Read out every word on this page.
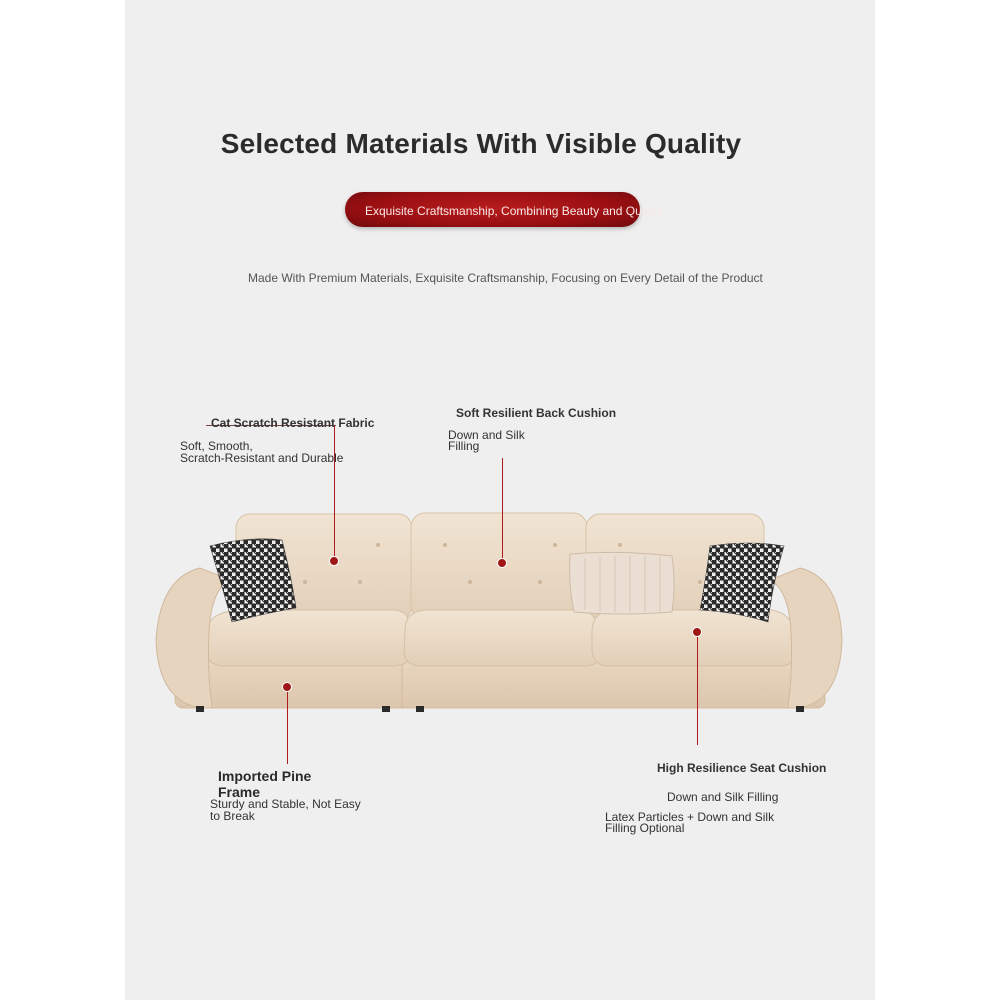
Selected Materials With Visible Quality
Exquisite Craftsmanship, Combining Beauty and Quality
Made With Premium Materials, Exquisite Craftsmanship, Focusing on Every Detail of the Product
Cat Scratch Resistant Fabric
Soft, Smooth,
Scratch-Resistant and Durable
Soft Resilient Back Cushion
Down and Silk
Filling
Imported Pine
Frame
Sturdy and Stable, Not Easy
to Break
High Resilience Seat Cushion
Down and Silk Filling
Latex Particles + Down and Silk
Filling Optional
